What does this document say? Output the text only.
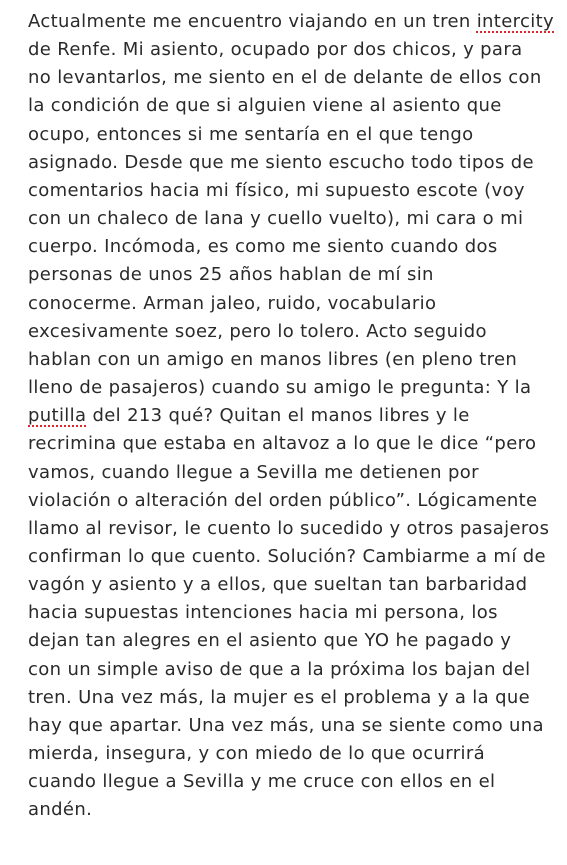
Actualmente me encuentro viajando en un tren intercity
de Renfe. Mi asiento, ocupado por dos chicos, y para
no levantarlos, me siento en el de delante de ellos con
la condición de que si alguien viene al asiento que
ocupo, entonces si me sentaría en el que tengo
asignado. Desde que me siento escucho todo tipos de
comentarios hacia mi físico, mi supuesto escote (voy
con un chaleco de lana y cuello vuelto), mi cara o mi
cuerpo. Incómoda, es como me siento cuando dos
personas de unos 25 años hablan de mí sin
conocerme. Arman jaleo, ruido, vocabulario
excesivamente soez, pero lo tolero. Acto seguido
hablan con un amigo en manos libres (en pleno tren
lleno de pasajeros) cuando su amigo le pregunta: Y la
putilla del 213 qué? Quitan el manos libres y le
recrimina que estaba en altavoz a lo que le dice “pero
vamos, cuando llegue a Sevilla me detienen por
violación o alteración del orden público”. Lógicamente
llamo al revisor, le cuento lo sucedido y otros pasajeros
confirman lo que cuento. Solución? Cambiarme a mí de
vagón y asiento y a ellos, que sueltan tan barbaridad
hacia supuestas intenciones hacia mi persona, los
dejan tan alegres en el asiento que YO he pagado y
con un simple aviso de que a la próxima los bajan del
tren. Una vez más, la mujer es el problema y a la que
hay que apartar. Una vez más, una se siente como una
mierda, insegura, y con miedo de lo que ocurrirá
cuando llegue a Sevilla y me cruce con ellos en el
andén.
